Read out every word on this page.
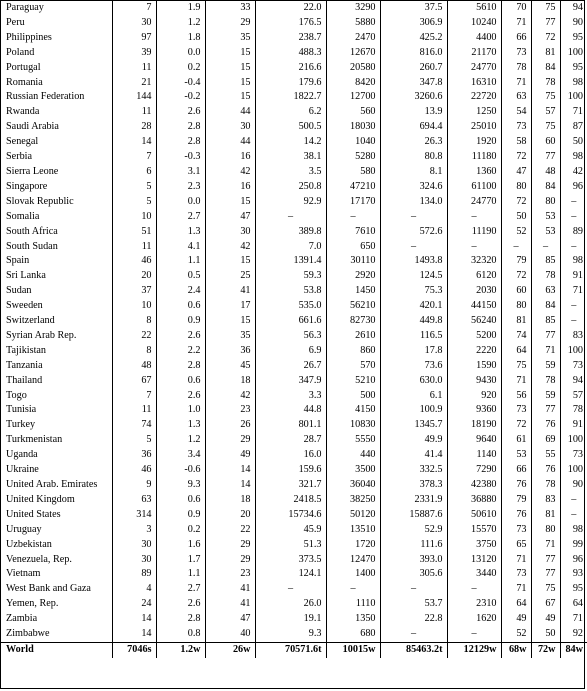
Paraguay	7	1.9	33	22.0	3290	37.5	5610	70	75	94
Peru	30	1.2	29	176.5	5880	306.9	10240	71	77	90
Philippines	97	1.8	35	238.7	2470	425.2	4400	66	72	95
Poland	39	0.0	15	488.3	12670	816.0	21170	73	81	100
Portugal	11	0.2	15	216.6	20580	260.7	24770	78	84	95
Romania	21	-0.4	15	179.6	8420	347.8	16310	71	78	98
Russian Federation	144	-0.2	15	1822.7	12700	3260.6	22720	63	75	100
Rwanda	11	2.6	44	6.2	560	13.9	1250	54	57	71
Saudi Arabia	28	2.8	30	500.5	18030	694.4	25010	73	75	87
Senegal	14	2.8	44	14.2	1040	26.3	1920	58	60	50
Serbia	7	-0.3	16	38.1	5280	80.8	11180	72	77	98
Sierra Leone	6	3.1	42	3.5	580	8.1	1360	47	48	42
Singapore	5	2.3	16	250.8	47210	324.6	61100	80	84	96
Slovak Republic	5	0.0	15	92.9	17170	134.0	24770	72	80	–
Somalia	10	2.7	47	–	–	–	–	50	53	–
South Africa	51	1.3	30	389.8	7610	572.6	11190	52	53	89
South Sudan	11	4.1	42	7.0	650	–	–	–	–	–
Spain	46	1.1	15	1391.4	30110	1493.8	32320	79	85	98
Sri Lanka	20	0.5	25	59.3	2920	124.5	6120	72	78	91
Sudan	37	2.4	41	53.8	1450	75.3	2030	60	63	71
Sweeden	10	0.6	17	535.0	56210	420.1	44150	80	84	–
Switzerland	8	0.9	15	661.6	82730	449.8	56240	81	85	–
Syrian Arab Rep.	22	2.6	35	56.3	2610	116.5	5200	74	77	83
Tajikistan	8	2.2	36	6.9	860	17.8	2220	64	71	100
Tanzania	48	2.8	45	26.7	570	73.6	1590	75	59	73
Thailand	67	0.6	18	347.9	5210	630.0	9430	71	78	94
Togo	7	2.6	42	3.3	500	6.1	920	56	59	57
Tunisia	11	1.0	23	44.8	4150	100.9	9360	73	77	78
Turkey	74	1.3	26	801.1	10830	1345.7	18190	72	76	91
Turkmenistan	5	1.2	29	28.7	5550	49.9	9640	61	69	100
Uganda	36	3.4	49	16.0	440	41.4	1140	53	55	73
Ukraine	46	-0.6	14	159.6	3500	332.5	7290	66	76	100
United Arab. Emirates	9	9.3	14	321.7	36040	378.3	42380	76	78	90
United Kingdom	63	0.6	18	2418.5	38250	2331.9	36880	79	83	–
United States	314	0.9	20	15734.6	50120	15887.6	50610	76	81	–
Uruguay	3	0.2	22	45.9	13510	52.9	15570	73	80	98
Uzbekistan	30	1.6	29	51.3	1720	111.6	3750	65	71	99
Venezuela, Rep.	30	1.7	29	373.5	12470	393.0	13120	71	77	96
Vietnam	89	1.1	23	124.1	1400	305.6	3440	73	77	93
West Bank and Gaza	4	2.7	41	–	–	–	–	71	75	95
Yemen, Rep.	24	2.6	41	26.0	1110	53.7	2310	64	67	64
Zambia	14	2.8	47	19.1	1350	22.8	1620	49	49	71
Zimbabwe	14	0.8	40	9.3	680	–	–	52	50	92
World	7046s	1.2w	26w	70571.6t	10015w	85463.2t	12129w	68w	72w	84w
